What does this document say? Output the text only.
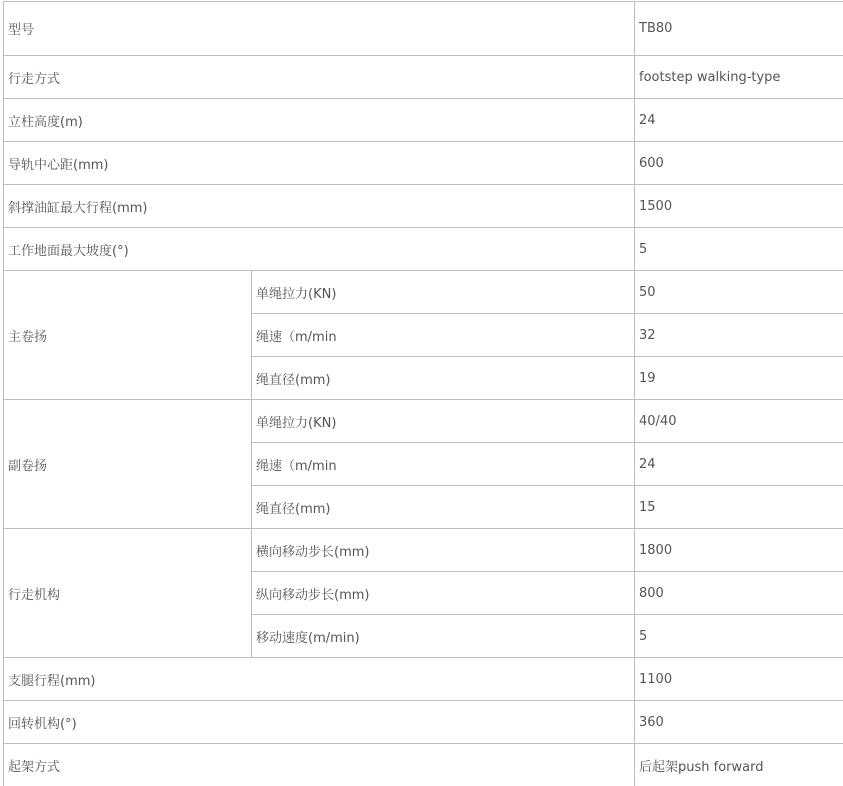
型号		TB80
行走方式		footstep walking-type
立柱高度(m)		24
导轨中心距(mm)		600
斜撑油缸最大行程(mm)		1500
工作地面最大坡度(°)		5
主卷扬	单绳拉力(KN)	50
	绳速（m/min	32
	绳直径(mm)	19
副卷扬	单绳拉力(KN)	40/40
	绳速（m/min	24
	绳直径(mm)	15
行走机构	横向移动步长(mm)	1800
	纵向移动步长(mm)	800
	移动速度(m/min)	5
支腿行程(mm)		1100
回转机构(°)		360
起架方式		后起架push forward
